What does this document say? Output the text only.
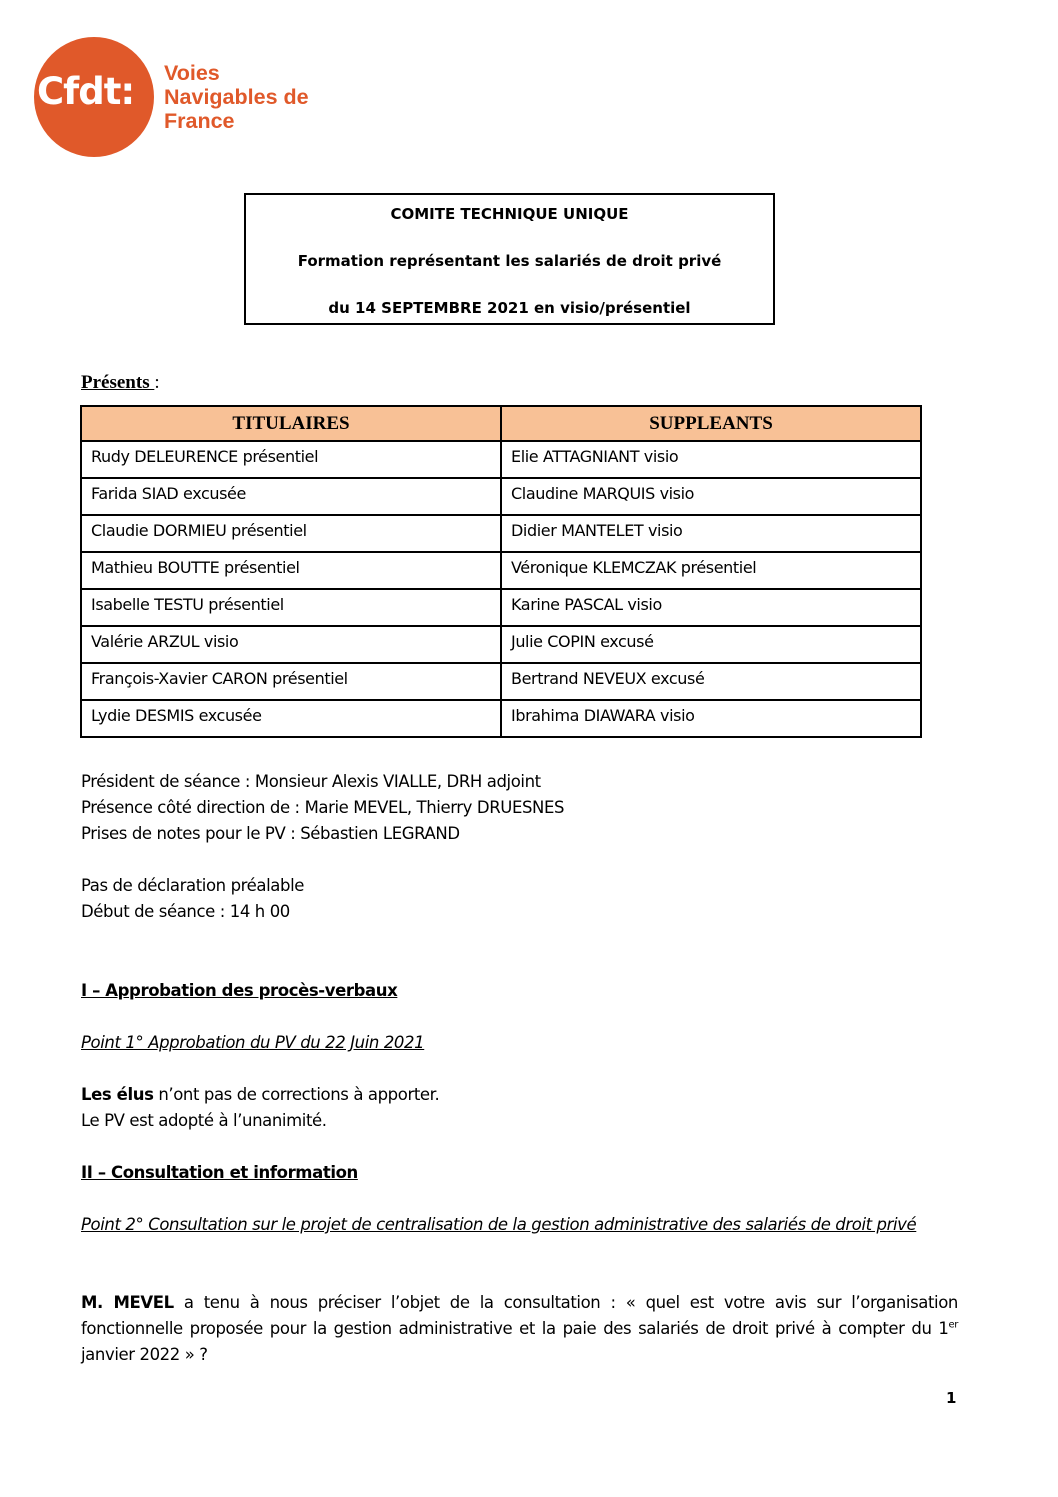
Cfdt:	Voies
Navigables de
France
COMITE TECHNIQUE UNIQUE
Formation représentant les salariés de droit privé
du 14 SEPTEMBRE 2021 en visio/présentiel
Présents :
TITULAIRES	SUPPLEANTS
Rudy DELEURENCE présentiel	Elie ATTAGNIANT visio
Farida SIAD excusée	Claudine MARQUIS visio
Claudie DORMIEU présentiel	Didier MANTELET visio
Mathieu BOUTTE présentiel	Véronique KLEMCZAK présentiel
Isabelle TESTU présentiel	Karine PASCAL visio
Valérie ARZUL visio	Julie COPIN excusé
François-Xavier CARON présentiel	Bertrand NEVEUX excusé
Lydie DESMIS excusée	Ibrahima DIAWARA visio
Président de séance : Monsieur Alexis VIALLE, DRH adjoint
Présence côté direction de : Marie MEVEL, Thierry DRUESNES
Prises de notes pour le PV : Sébastien LEGRAND
Pas de déclaration préalable
Début de séance : 14 h 00
I – Approbation des procès-verbaux
Point 1° Approbation du PV du 22 Juin 2021
Les élus n’ont pas de corrections à apporter.
Le PV est adopté à l’unanimité.
II – Consultation et information
Point 2° Consultation sur le projet de centralisation de la gestion administrative des salariés de droit privé
M. MEVEL a tenu à nous préciser l’objet de la consultation : « quel est votre avis sur l’organisation fonctionnelle proposée pour la gestion administrative et la paie des salariés de droit privé à compter du 1er janvier 2022 » ?
1
